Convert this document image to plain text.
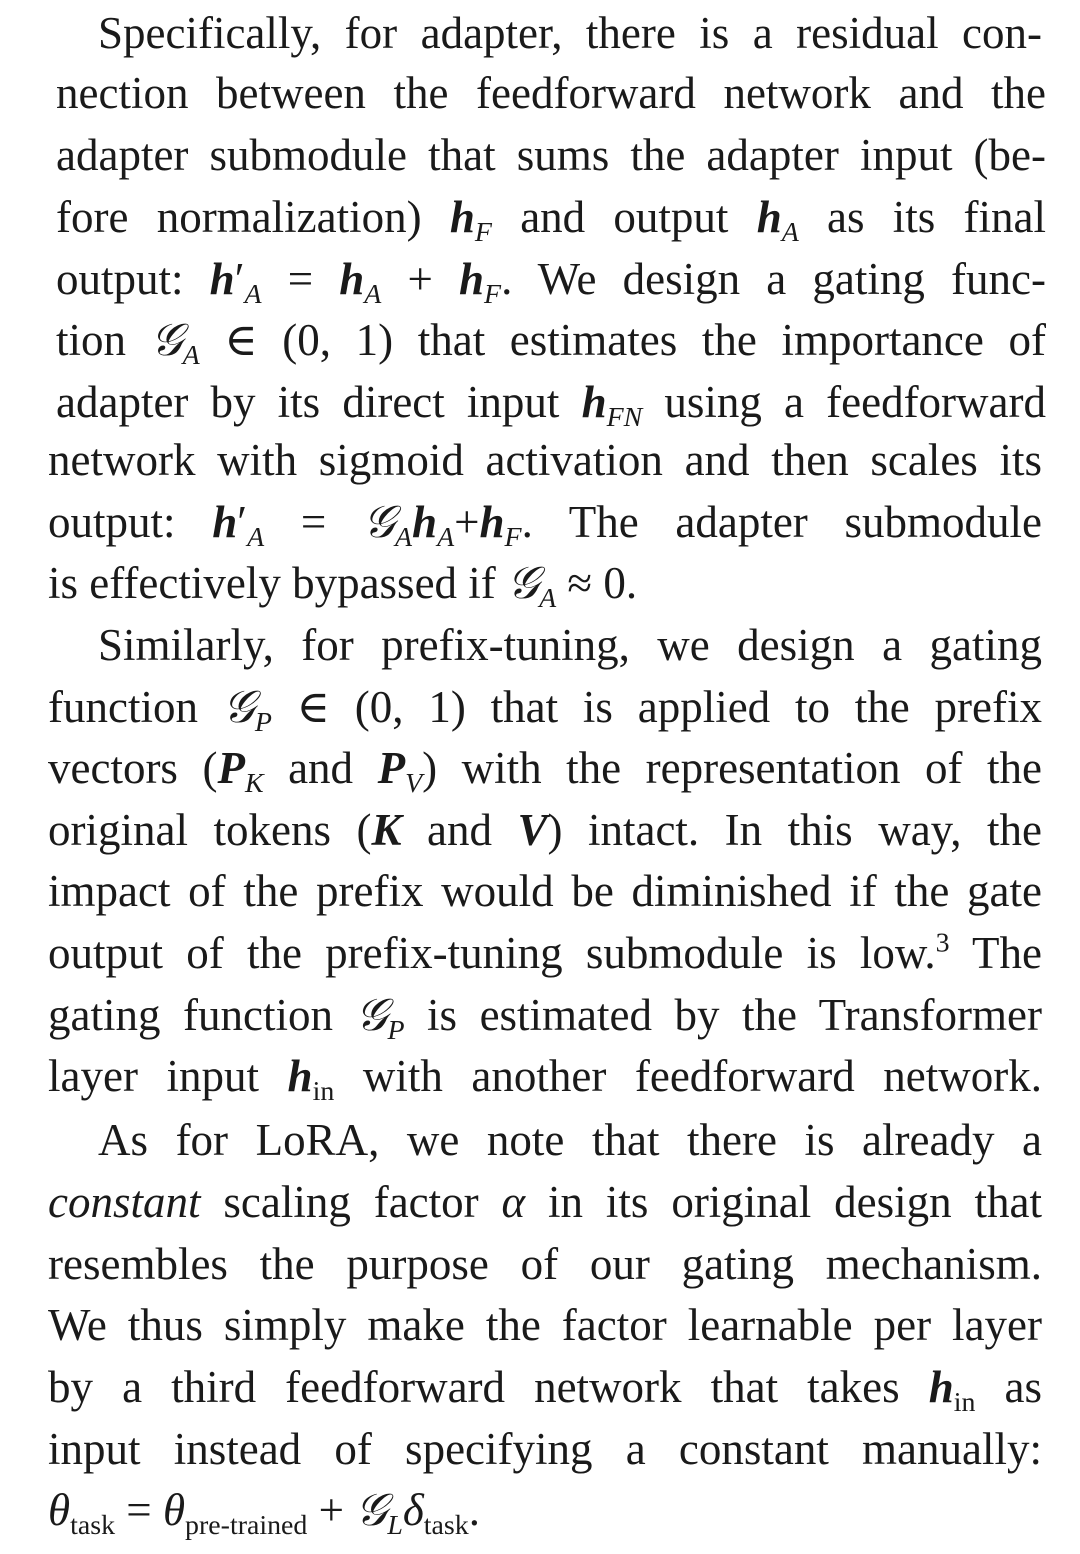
Specifically, for adapter, there is a residual con-
nection between the feedforward network and the
adapter submodule that sums the adapter input (be-
fore normalization) $h_F$ and output $h_A$ as its final
output: $h'_A = h_A + h_F$. We design a gating func-
tion 𝒢$_A$ ∈ (0, 1) that estimates the importance of
adapter by its direct input $h_{FN}$ using a feedforward
network with sigmoid activation and then scales its
output: $h'_A$ = $𝒢_Ah_A+h_F$. The adapter submodule
is effectively bypassed if 𝒢$_A$ ≈ 0.
Similarly, for prefix-tuning, we design a gating
function 𝒢$_P$ ∈ (0, 1) that is applied to the prefix
vectors ($P_K$ and $P_V$) with the representation of the
original tokens (K and V) intact. In this way, the
impact of the prefix would be diminished if the gate
output of the prefix-tuning submodule is low.$^3$ The
gating function 𝒢$_P$ is estimated by the Transformer
layer input $h_{in}$ with another feedforward network.
As for LoRA, we note that there is already a
constant scaling factor α in its original design that
resembles the purpose of our gating mechanism.
We thus simply make the factor learnable per layer
by a third feedforward network that takes $h_{in}$ as
input instead of specifying a constant manually:
$\theta_{task} = \theta_{pre-trained}$ + $𝒢_L\delta_{task}$.
